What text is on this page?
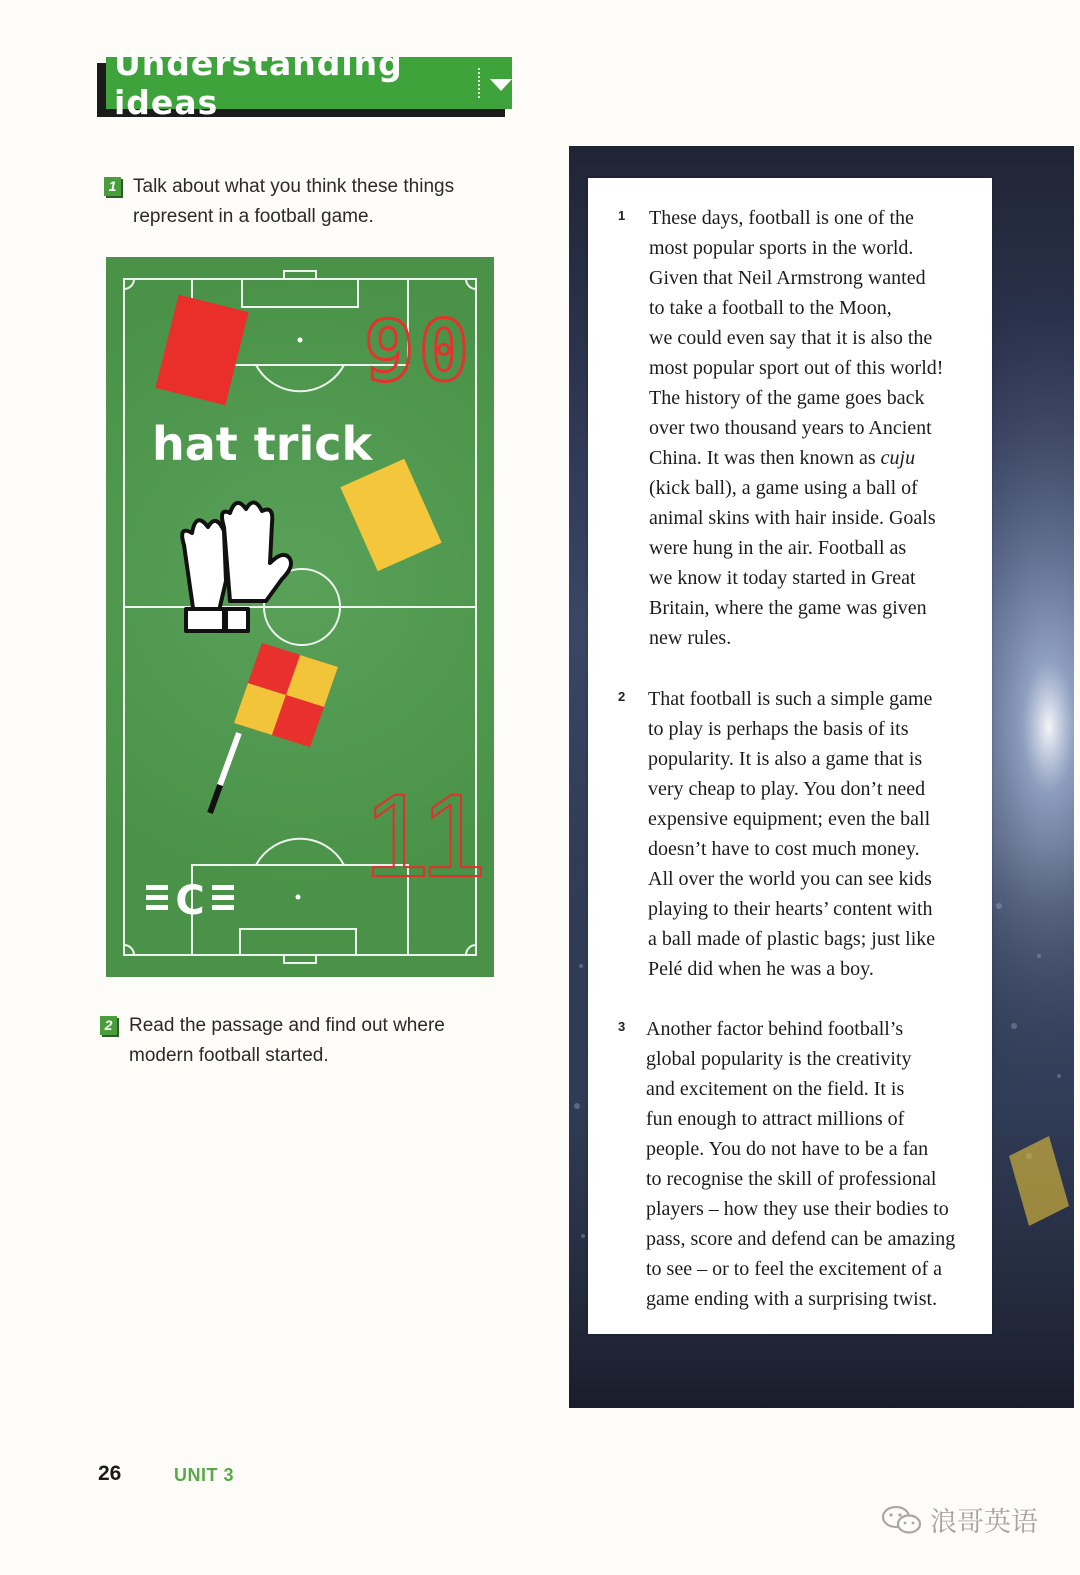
Understanding ideas
1 Talk about what you think these things
represent in a football game.
90
hat trick
11
C
2 Read the passage and find out where
modern football started.
1 These days, football is one of the
most popular sports in the world.
Given that Neil Armstrong wanted
to take a football to the Moon,
we could even say that it is also the
most popular sport out of this world!
The history of the game goes back
over two thousand years to Ancient
China. It was then known as cuju
(kick ball), a game using a ball of
animal skins with hair inside. Goals
were hung in the air. Football as
we know it today started in Great
Britain, where the game was given
new rules.
2 That football is such a simple game
to play is perhaps the basis of its
popularity. It is also a game that is
very cheap to play. You don’t need
expensive equipment; even the ball
doesn’t have to cost much money.
All over the world you can see kids
playing to their hearts’ content with
a ball made of plastic bags; just like
Pelé did when he was a boy.
3 Another factor behind football’s
global popularity is the creativity
and excitement on the field. It is
fun enough to attract millions of
people. You do not have to be a fan
to recognise the skill of professional
players – how they use their bodies to
pass, score and defend can be amazing
to see – or to feel the excitement of a
game ending with a surprising twist.
26	UNIT 3
浪哥英语
